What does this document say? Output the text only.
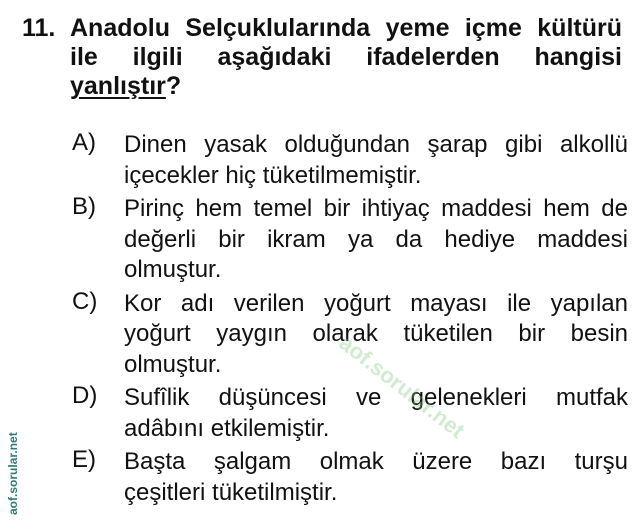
11. Anadolu Selçuklularında yeme içme kültürü
ile ilgili aşağıdaki ifadelerden hangisi
yanlıştır?
A)	Dinen yasak olduğundan şarap gibi alkollü
içecekler hiç tüketilmemiştir.
B)	Pirinç hem temel bir ihtiyaç maddesi hem de
değerli bir ikram ya da hediye maddesi
olmuştur.
C)	Kor adı verilen yoğurt mayası ile yapılan
yoğurt yaygın olarak tüketilen bir besin
olmuştur.
D)	Sufîlik düşüncesi ve gelenekleri mutfak
adâbını etkilemiştir.
E)	Başta şalgam olmak üzere bazı turşu
çeşitleri tüketilmiştir.
aof.sorular.net
aof.sorular.net
